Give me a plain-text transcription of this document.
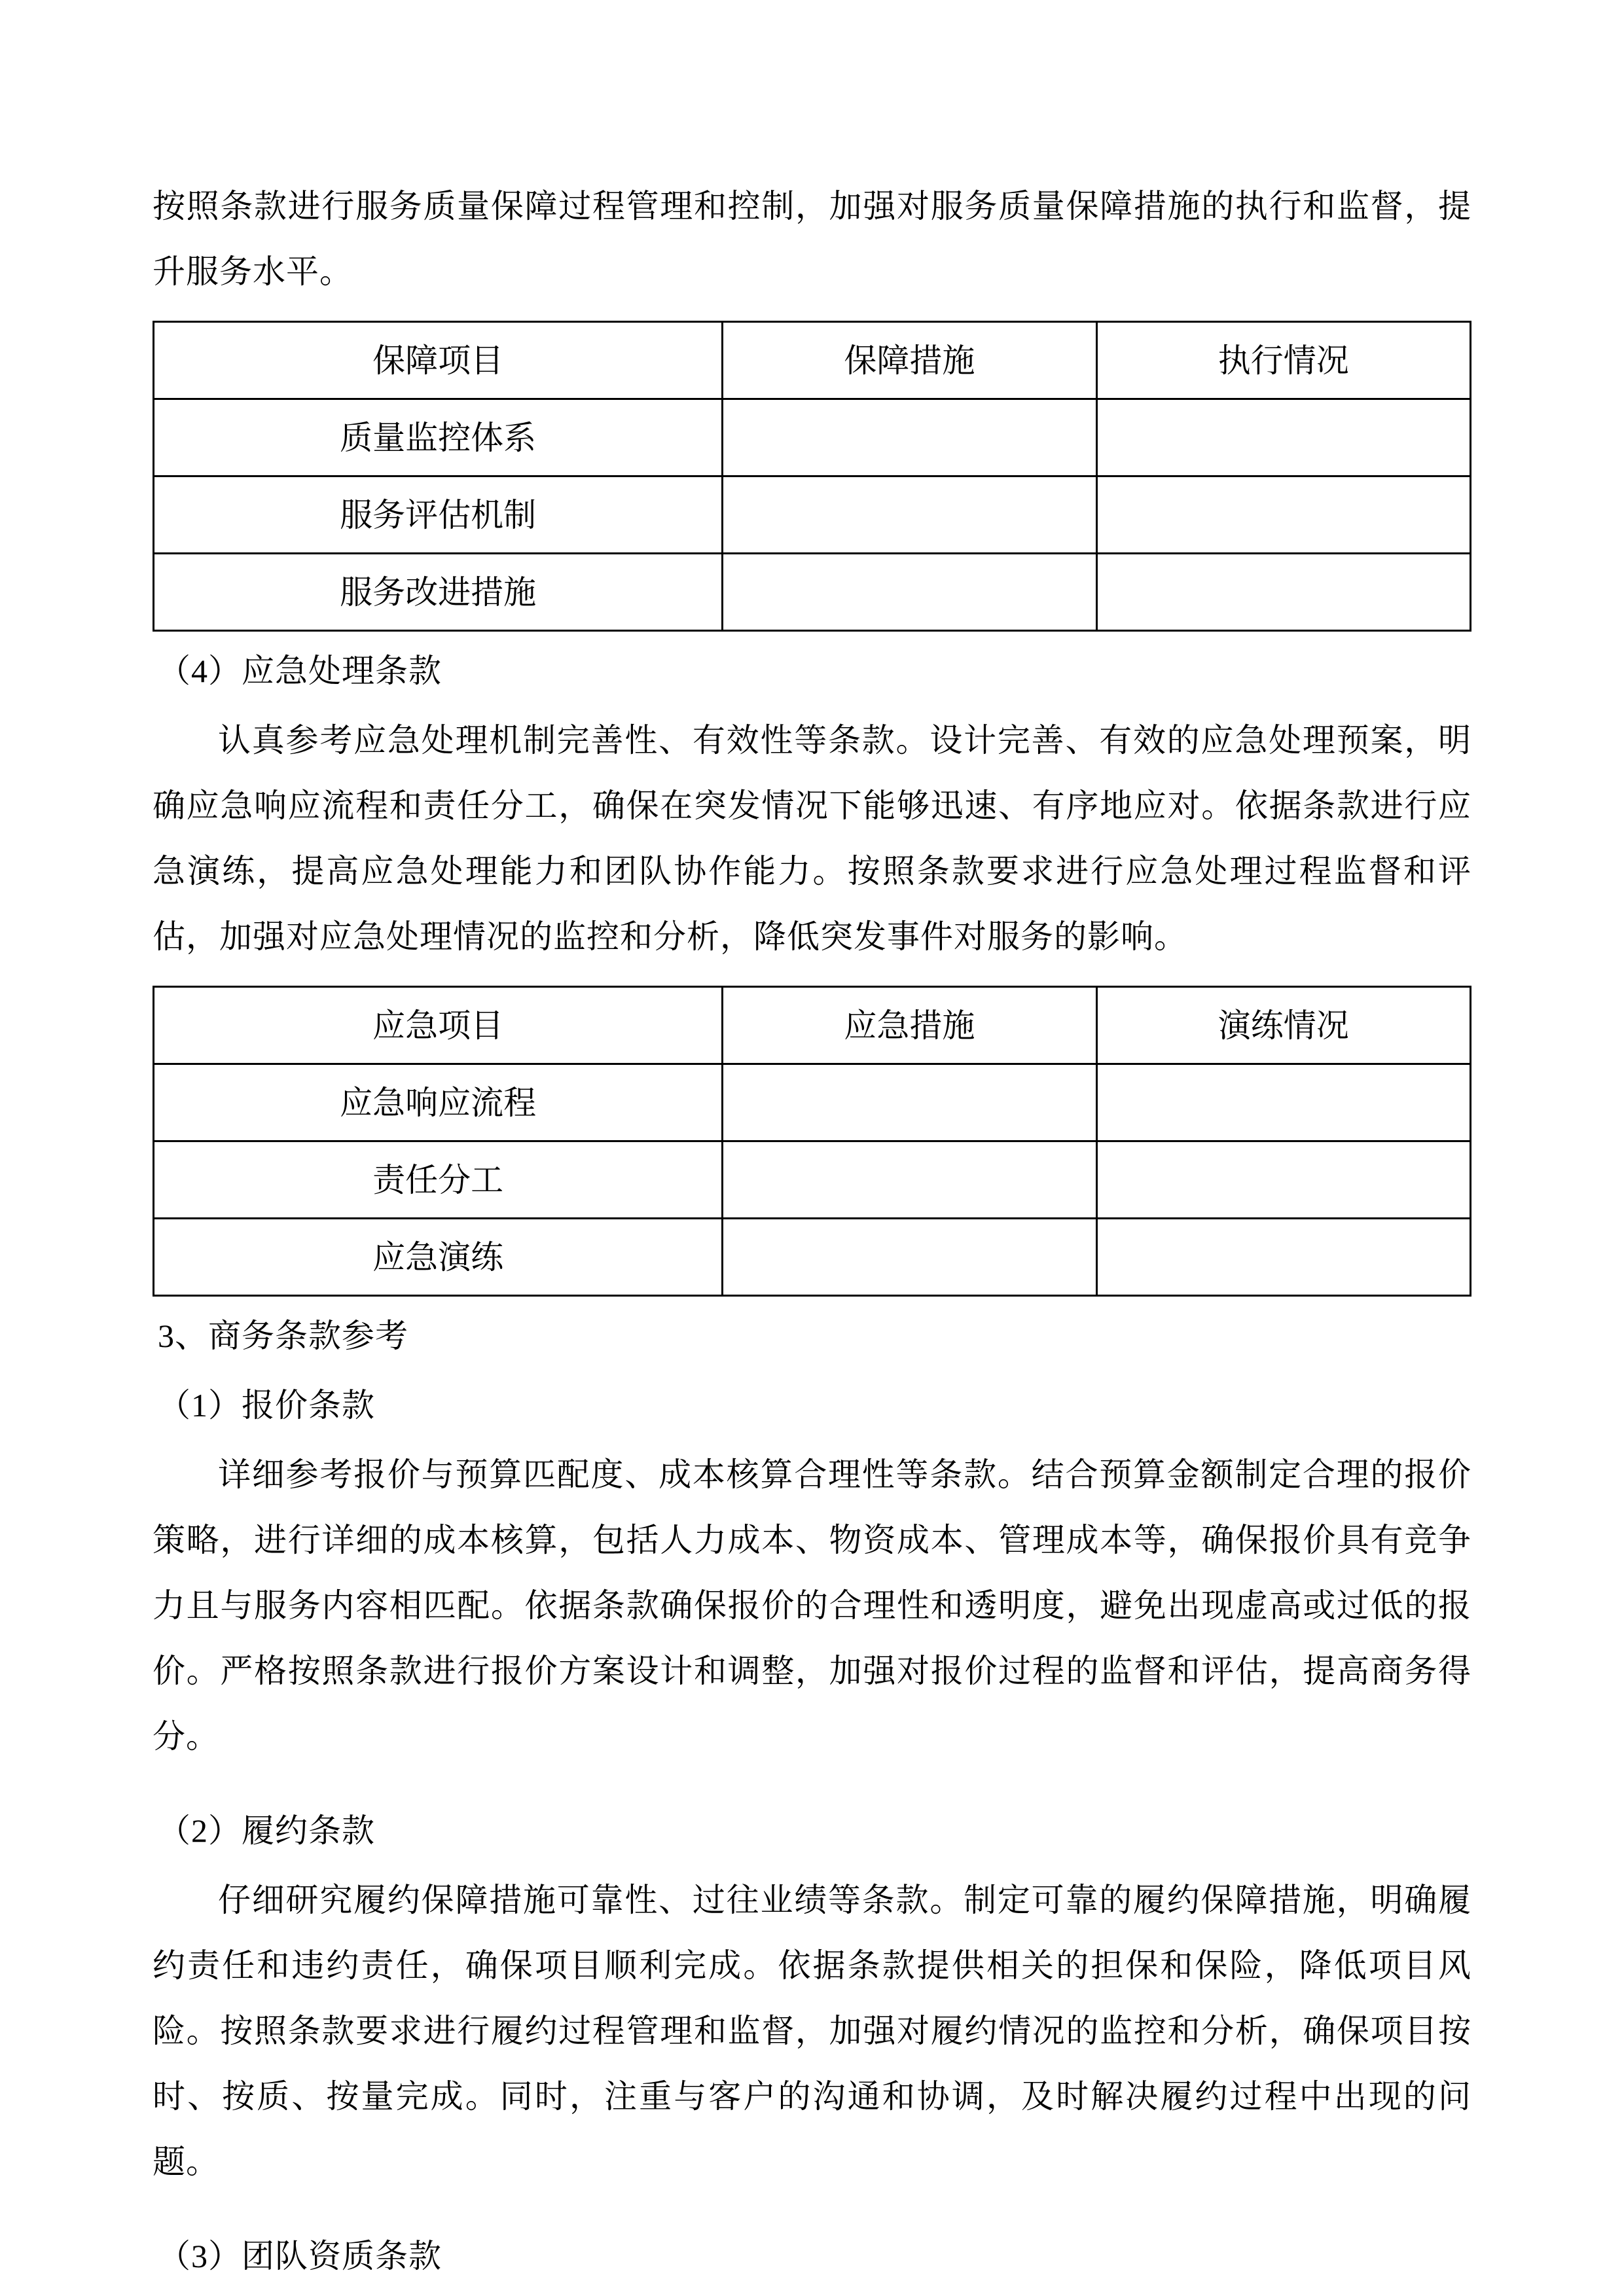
按照条款进行服务质量保障过程管理和控制，加强对服务质量保障措施的执行和监督，提升服务水平。

保障项目	保障措施	执行情况
质量监控体系		
服务评估机制		
服务改进措施		

（4）应急处理条款

认真参考应急处理机制完善性、有效性等条款。设计完善、有效的应急处理预案，明确应急响应流程和责任分工，确保在突发情况下能够迅速、有序地应对。依据条款进行应急演练，提高应急处理能力和团队协作能力。按照条款要求进行应急处理过程监督和评估，加强对应急处理情况的监控和分析，降低突发事件对服务的影响。

应急项目	应急措施	演练情况
应急响应流程		
责任分工		
应急演练		

3、商务条款参考

（1）报价条款

详细参考报价与预算匹配度、成本核算合理性等条款。结合预算金额制定合理的报价策略，进行详细的成本核算，包括人力成本、物资成本、管理成本等，确保报价具有竞争力且与服务内容相匹配。依据条款确保报价的合理性和透明度，避免出现虚高或过低的报价。严格按照条款进行报价方案设计和调整，加强对报价过程的监督和评估，提高商务得分。

（2）履约条款

仔细研究履约保障措施可靠性、过往业绩等条款。制定可靠的履约保障措施，明确履约责任和违约责任，确保项目顺利完成。依据条款提供相关的担保和保险，降低项目风险。按照条款要求进行履约过程管理和监督，加强对履约情况的监控和分析，确保项目按时、按质、按量完成。同时，注重与客户的沟通和协调，及时解决履约过程中出现的问题。

（3）团队资质条款
